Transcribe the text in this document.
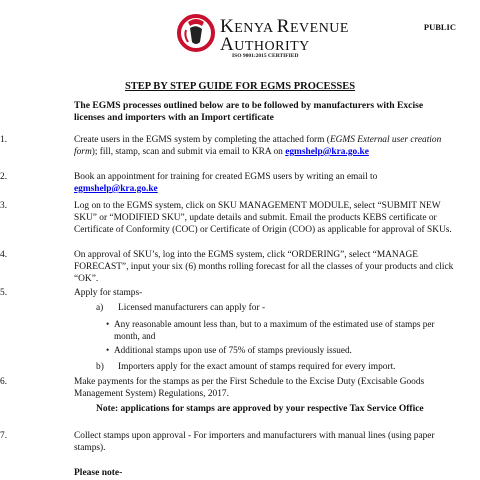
KENYA REVENUE
AUTHORITY
ISO 9001:2015 CERTIFIED
PUBLIC
STEP BY STEP GUIDE FOR EGMS PROCESSES
The EGMS processes outlined below are to be followed by manufacturers with Excise licenses and importers with an Import certificate
1.	Create users in the EGMS system by completing the attached form (EGMS External user creation form); fill, stamp, scan and submit via email to KRA on egmshelp@kra.go.ke
2.	Book an appointment for training for created EGMS users by writing an email to egmshelp@kra.go.ke
3.	Log on to the EGMS system, click on SKU MANAGEMENT MODULE, select “SUBMIT NEW SKU” or “MODIFIED SKU”, update details and submit. Email the products KEBS certificate or Certificate of Conformity (COC) or Certificate of Origin (COO) as applicable for approval of SKUs.
4.	On approval of SKU’s, log into the EGMS system, click “ORDERING”, select “MANAGE FORECAST”, input your six (6) months rolling forecast for all the classes of your products and click “OK”.
5.	Apply for stamps-
a) Licensed manufacturers can apply for -
• Any reasonable amount less than, but to a maximum of the estimated use of stamps per month, and
• Additional stamps upon use of 75% of stamps previously issued.
b) Importers apply for the exact amount of stamps required for every import.
6.	Make payments for the stamps as per the First Schedule to the Excise Duty (Excisable Goods Management System) Regulations, 2017.
Note: applications for stamps are approved by your respective Tax Service Office
7.	Collect stamps upon approval - For importers and manufacturers with manual lines (using paper stamps).
Please note-
